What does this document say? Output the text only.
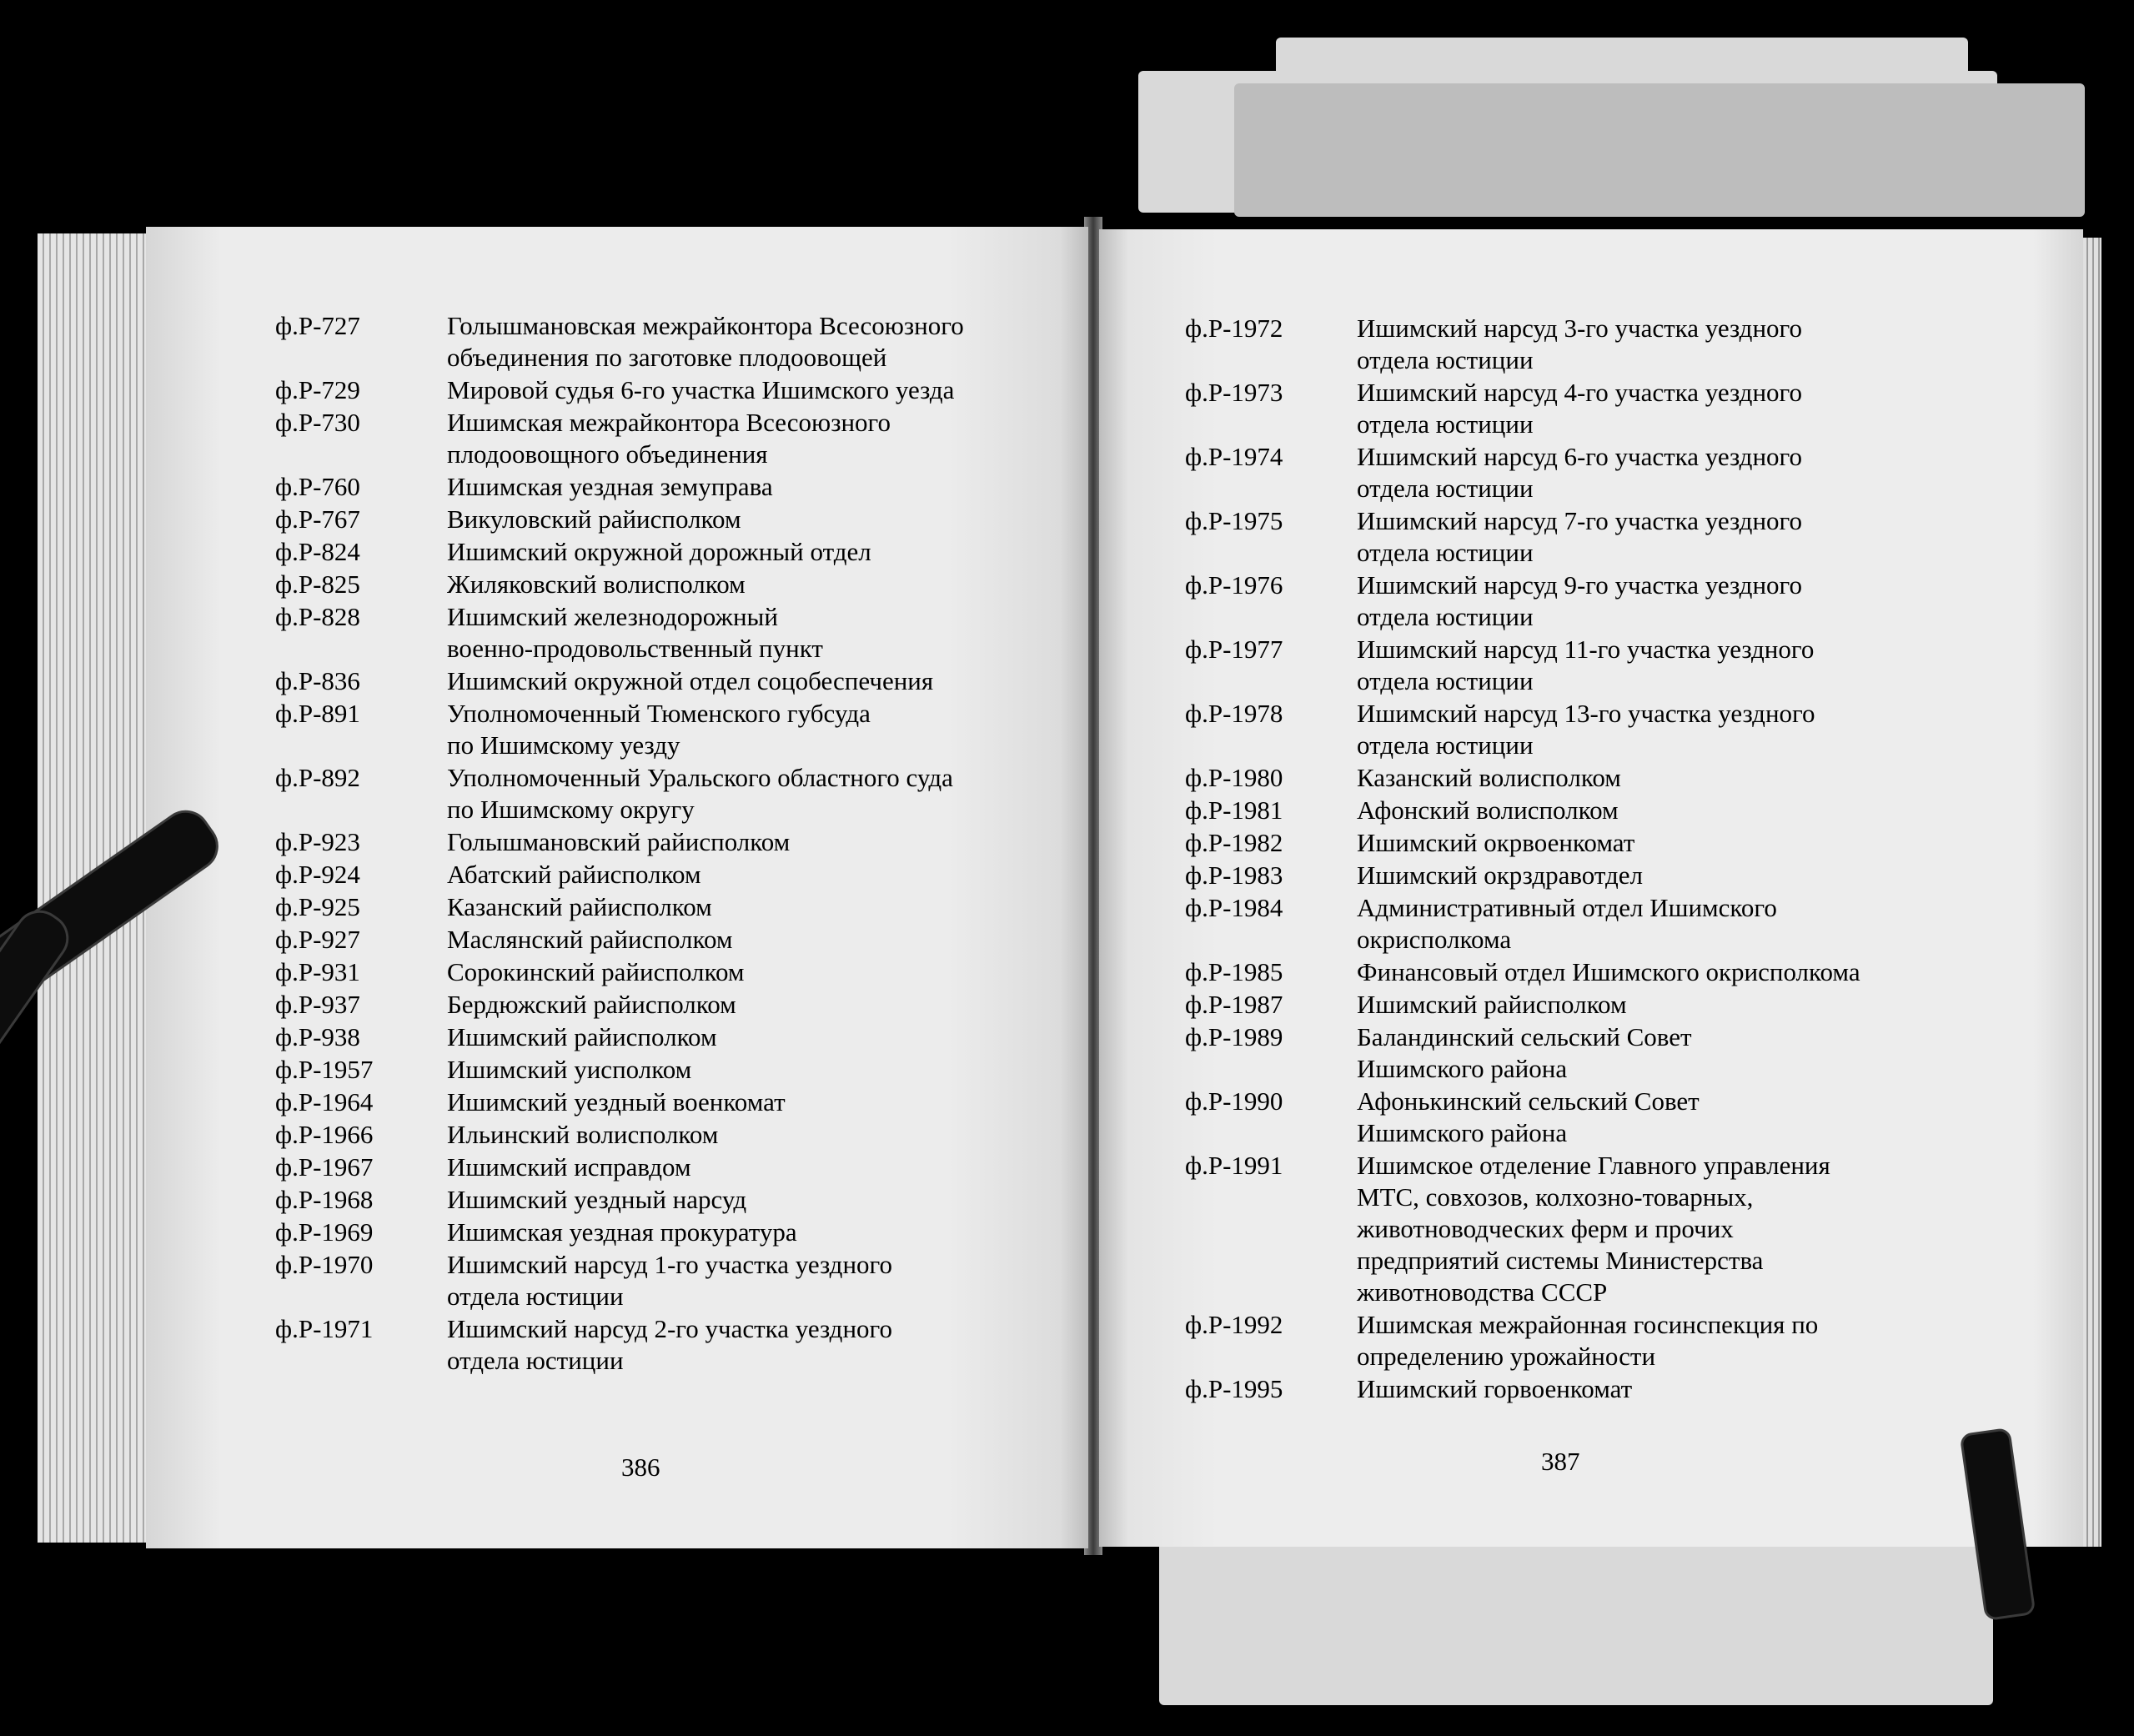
ф.Р-727	Голышмановская межрайконтора Всесоюзного
объединения по заготовке плодоовощей
ф.Р-729	Мировой судья 6-го участка Ишимского уезда
ф.Р-730	Ишимская межрайконтора Всесоюзного
плодоовощного объединения
ф.Р-760	Ишимская уездная земуправа
ф.Р-767	Викуловский райисполком
ф.Р-824	Ишимский окружной дорожный отдел
ф.Р-825	Жиляковский волисполком
ф.Р-828	Ишимский железнодорожный
военно-продовольственный пункт
ф.Р-836	Ишимский окружной отдел соцобеспечения
ф.Р-891	Уполномоченный Тюменского губсуда
по Ишимскому уезду
ф.Р-892	Уполномоченный Уральского областного суда
по Ишимскому округу
ф.Р-923	Голышмановский райисполком
ф.Р-924	Абатский райисполком
ф.Р-925	Казанский райисполком
ф.Р-927	Маслянский райисполком
ф.Р-931	Сорокинский райисполком
ф.Р-937	Бердюжский райисполком
ф.Р-938	Ишимский райисполком
ф.Р-1957	Ишимский уисполком
ф.Р-1964	Ишимский уездный военкомат
ф.Р-1966	Ильинский волисполком
ф.Р-1967	Ишимский исправдом
ф.Р-1968	Ишимский уездный нарсуд
ф.Р-1969	Ишимская уездная прокуратура
ф.Р-1970	Ишимский нарсуд 1-го участка уездного
отдела юстиции
ф.Р-1971	Ишимский нарсуд 2-го участка уездного
отдела юстиции
386
ф.Р-1972	Ишимский нарсуд 3-го участка уездного
отдела юстиции
ф.Р-1973	Ишимский нарсуд 4-го участка уездного
отдела юстиции
ф.Р-1974	Ишимский нарсуд 6-го участка уездного
отдела юстиции
ф.Р-1975	Ишимский нарсуд 7-го участка уездного
отдела юстиции
ф.Р-1976	Ишимский нарсуд 9-го участка уездного
отдела юстиции
ф.Р-1977	Ишимский нарсуд 11-го участка уездного
отдела юстиции
ф.Р-1978	Ишимский нарсуд 13-го участка уездного
отдела юстиции
ф.Р-1980	Казанский волисполком
ф.Р-1981	Афонский волисполком
ф.Р-1982	Ишимский окрвоенкомат
ф.Р-1983	Ишимский окрздравотдел
ф.Р-1984	Административный отдел Ишимского
окрисполкома
ф.Р-1985	Финансовый отдел Ишимского окрисполкома
ф.Р-1987	Ишимский райисполком
ф.Р-1989	Баландинский сельский Совет
Ишимского района
ф.Р-1990	Афонькинский сельский Совет
Ишимского района
ф.Р-1991	Ишимское отделение Главного управления
МТС, совхозов, колхозно-товарных,
животноводческих ферм и прочих
предприятий системы Министерства
животноводства СССР
ф.Р-1992	Ишимская межрайонная госинспекция по
определению урожайности
ф.Р-1995	Ишимский горвоенкомат
387
